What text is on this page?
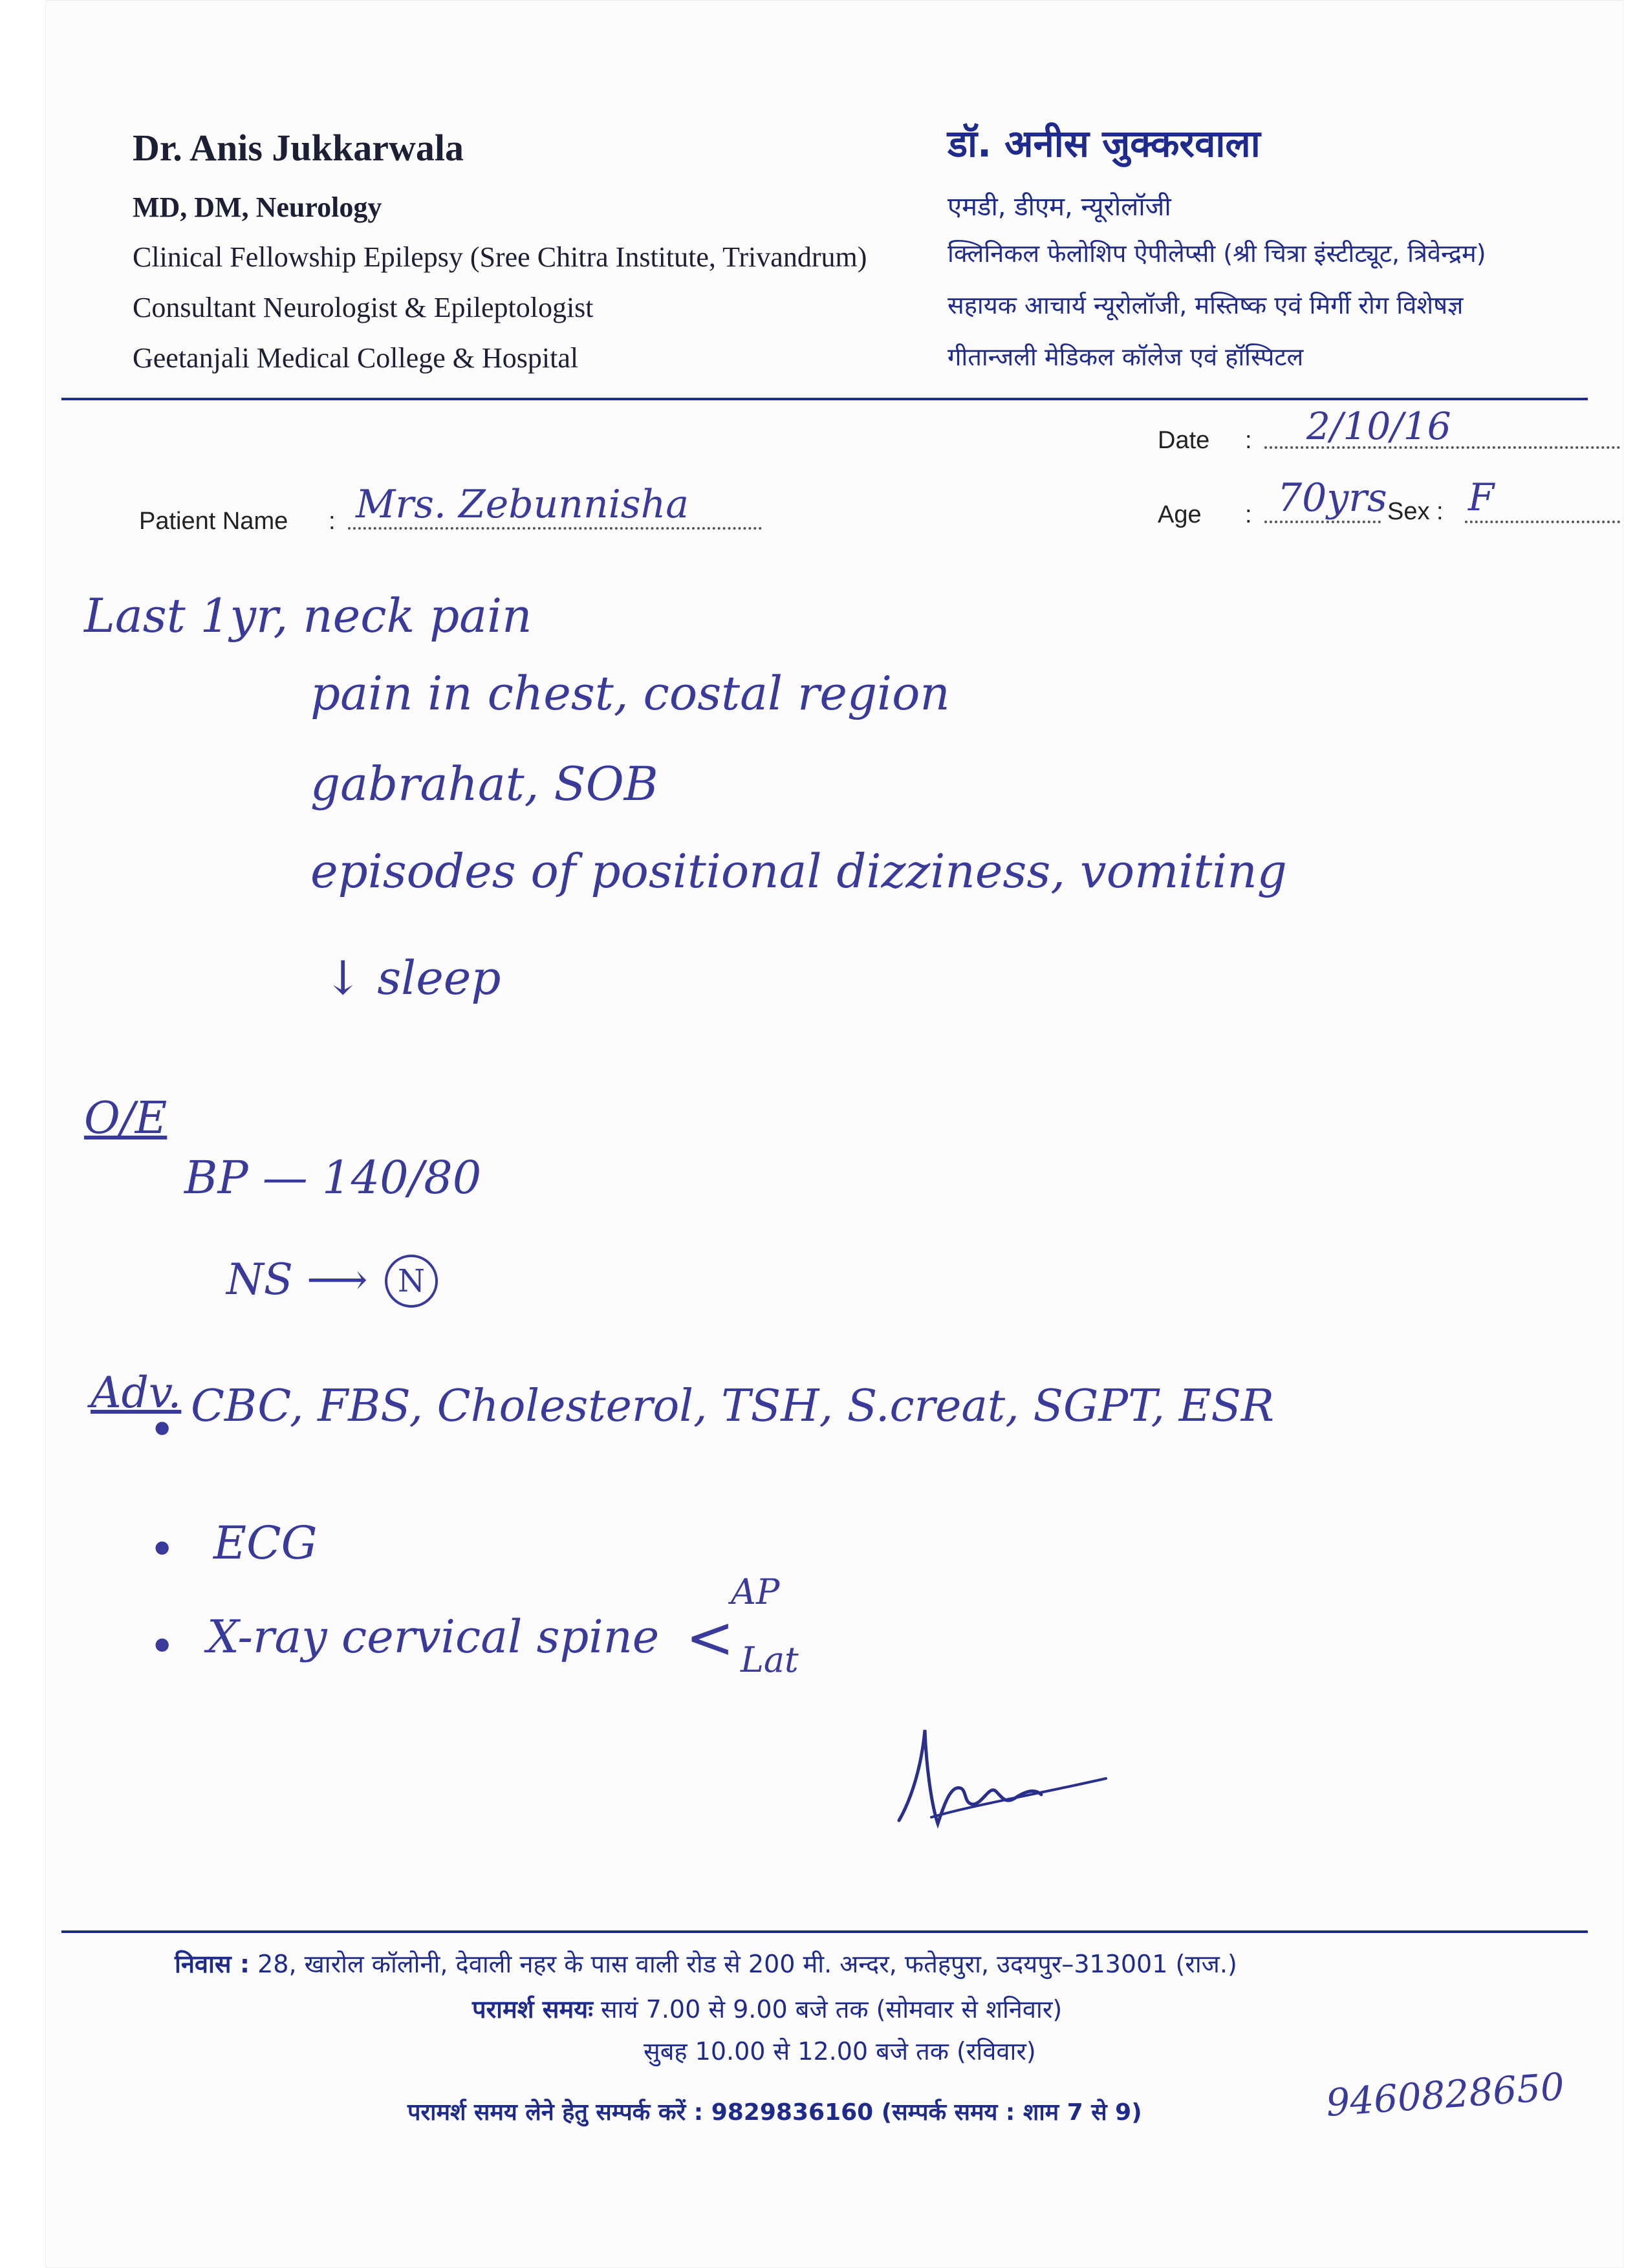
Dr. Anis Jukkarwala
MD, DM, Neurology
Clinical Fellowship Epilepsy (Sree Chitra Institute, Trivandrum)
Consultant Neurologist & Epileptologist
Geetanjali Medical College & Hospital
डॉ. अनीस जुक्करवाला
एमडी, डीएम, न्यूरोलॉजी
क्लिनिकल फेलोशिप ऐपीलेप्सी (श्री चित्रा इंस्टीट्यूट, त्रिवेन्द्रम)
सहायक आचार्य न्यूरोलॉजी, मस्तिष्क एवं मिर्गी रोग विशेषज्ञ
गीतान्जली मेडिकल कॉलेज एवं हॉस्पिटल
Date : 2/10/16
Patient Name : Mrs. Zebunnisha	Age : 70yrs Sex : F
Last 1yr, neck pain
pain in chest, costal region
gabrahat, SOB
episodes of positional dizziness, vomiting
↓ sleep
O/E
BP — 140/80
NS ⟶ N
Adv.
• CBC, FBS, Cholesterol, TSH, S.creat, SGPT, ESR
• ECG
• X-ray cervical spine <
AP
Lat
निवास : 28, खारोल कॉलोनी, देवाली नहर के पास वाली रोड से 200 मी. अन्दर, फतेहपुरा, उदयपुर–313001 (राज.)
परामर्श समयः सायं 7.00 से 9.00 बजे तक (सोमवार से शनिवार)
सुबह 10.00 से 12.00 बजे तक (रविवार)
परामर्श समय लेने हेतु सम्पर्क करें : 9829836160 (सम्पर्क समय : शाम 7 से 9)	9460828650
